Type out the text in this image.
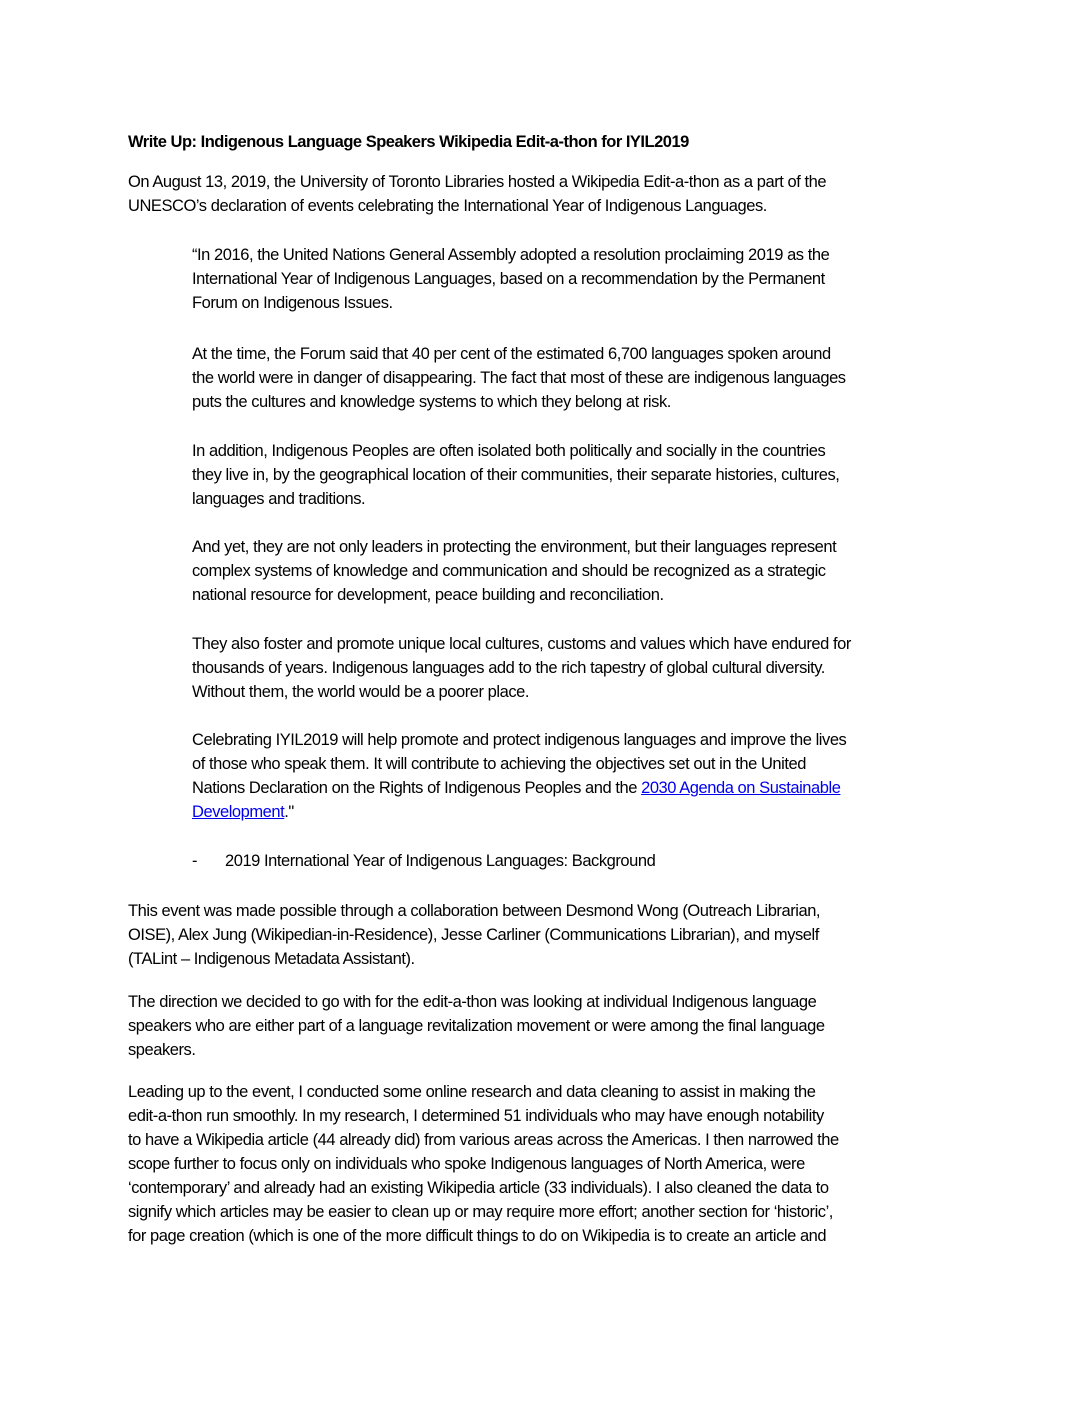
Write Up: Indigenous Language Speakers Wikipedia Edit-a-thon for IYIL2019
On August 13, 2019, the University of Toronto Libraries hosted a Wikipedia Edit-a-thon as a part of the
UNESCO’s declaration of events celebrating the International Year of Indigenous Languages.
“In 2016, the United Nations General Assembly adopted a resolution proclaiming 2019 as the
International Year of Indigenous Languages, based on a recommendation by the Permanent
Forum on Indigenous Issues.
At the time, the Forum said that 40 per cent of the estimated 6,700 languages spoken around
the world were in danger of disappearing. The fact that most of these are indigenous languages
puts the cultures and knowledge systems to which they belong at risk.
In addition, Indigenous Peoples are often isolated both politically and socially in the countries
they live in, by the geographical location of their communities, their separate histories, cultures,
languages and traditions.
And yet, they are not only leaders in protecting the environment, but their languages represent
complex systems of knowledge and communication and should be recognized as a strategic
national resource for development, peace building and reconciliation.
They also foster and promote unique local cultures, customs and values which have endured for
thousands of years. Indigenous languages add to the rich tapestry of global cultural diversity.
Without them, the world would be a poorer place.
Celebrating IYIL2019 will help promote and protect indigenous languages and improve the lives
of those who speak them. It will contribute to achieving the objectives set out in the United
Nations Declaration on the Rights of Indigenous Peoples and the 2030 Agenda on Sustainable
Development."
- 2019 International Year of Indigenous Languages: Background
This event was made possible through a collaboration between Desmond Wong (Outreach Librarian,
OISE), Alex Jung (Wikipedian-in-Residence), Jesse Carliner (Communications Librarian), and myself
(TALint – Indigenous Metadata Assistant).
The direction we decided to go with for the edit-a-thon was looking at individual Indigenous language
speakers who are either part of a language revitalization movement or were among the final language
speakers.
Leading up to the event, I conducted some online research and data cleaning to assist in making the
edit-a-thon run smoothly. In my research, I determined 51 individuals who may have enough notability
to have a Wikipedia article (44 already did) from various areas across the Americas. I then narrowed the
scope further to focus only on individuals who spoke Indigenous languages of North America, were
‘contemporary’ and already had an existing Wikipedia article (33 individuals). I also cleaned the data to
signify which articles may be easier to clean up or may require more effort; another section for ‘historic’,
for page creation (which is one of the more difficult things to do on Wikipedia is to create an article and
